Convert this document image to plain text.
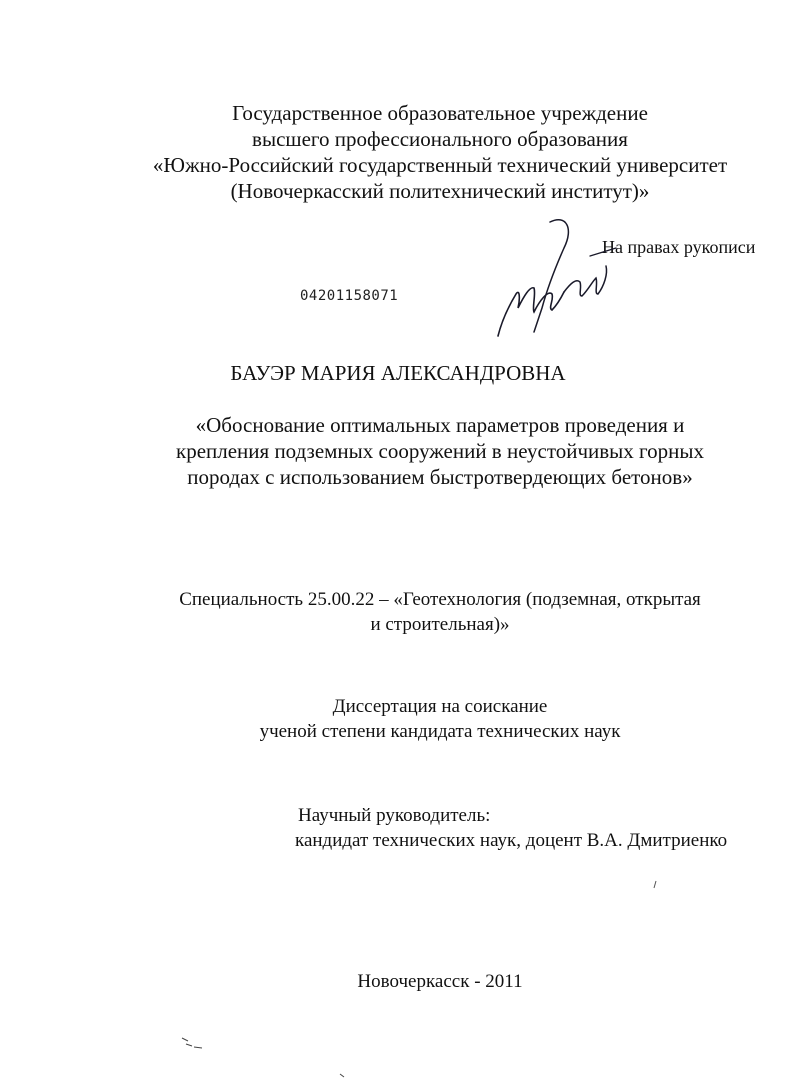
Государственное образовательное учреждение
высшего профессионального образования
«Южно-Российский государственный технический университет
(Новочеркасский политехнический институт)»
На правах рукописи
04201158071
БАУЭР МАРИЯ АЛЕКСАНДРОВНА
«Обоснование оптимальных параметров проведения и
крепления подземных сооружений в неустойчивых горных
породах с использованием быстротвердеющих бетонов»
Специальность 25.00.22 – «Геотехнология (подземная, открытая
и строительная)»
Диссертация на соискание
ученой степени кандидата технических наук
Научный руководитель:
кандидат технических наук, доцент В.А. Дмитриенко
Новочеркасск - 2011
